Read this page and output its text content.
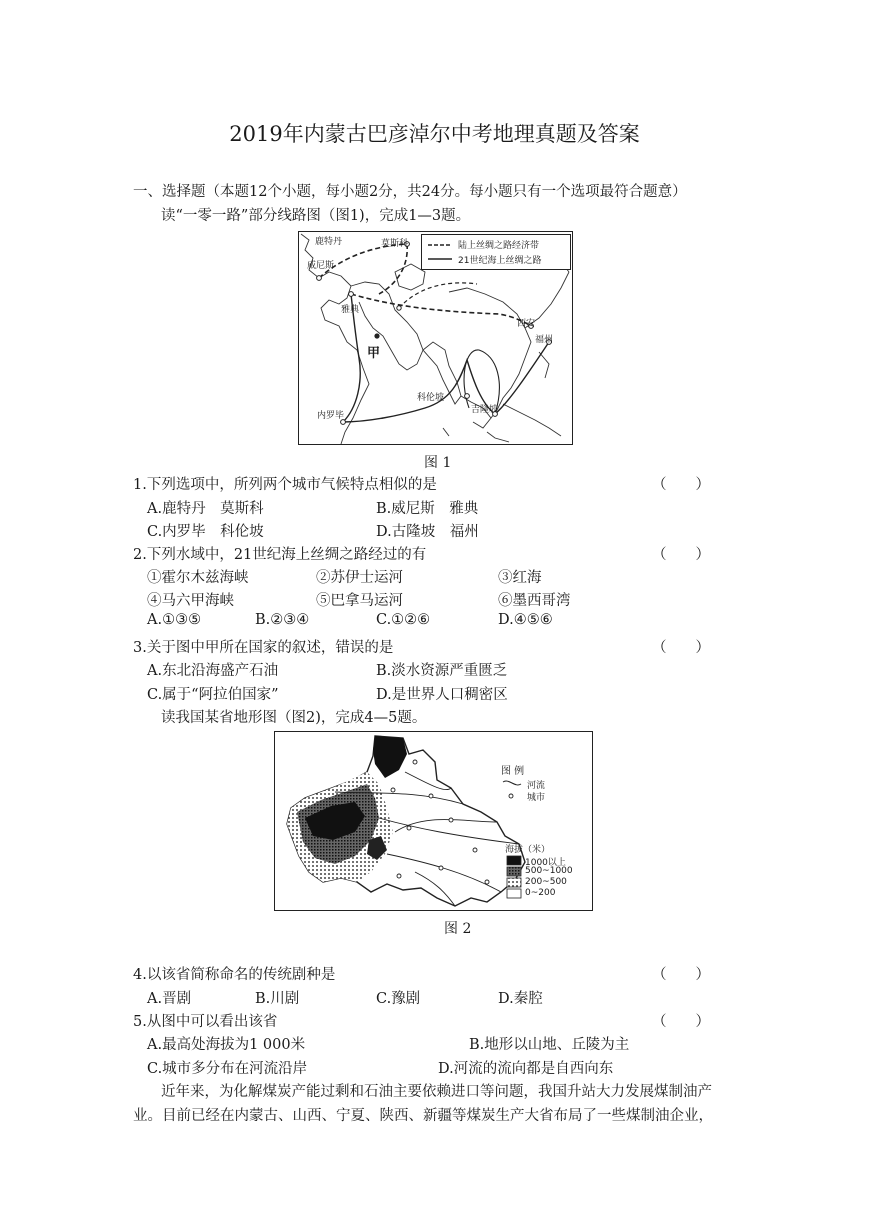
2019年内蒙古巴彦淖尔中考地理真题及答案
一、选择题（本题12个小题，每小题2分，共24分。每小题只有一个选项最符合题意）
读“一零一路”部分线路图（图1)，完成1—3题。
陆上丝绸之路经济带
21世纪海上丝绸之路
鹿特丹	莫斯科
威尼斯
雅典
甲
西安
福州
科伦坡
内罗毕
吉隆坡
图 1
1.下列选项中，所列两个城市气候特点相似的是	（　　）
A.鹿特丹　莫斯科	B.威尼斯　雅典
C.内罗毕　科伦坡	D.古隆坡　福州
2.下列水域中，21世纪海上丝绸之路经过的有	（　　）
①霍尔木兹海峡	②苏伊士运河	③红海
④马六甲海峡	⑤巴拿马运河	⑥墨西哥湾
A.①③⑤	B.②③④	C.①②⑥	D.④⑤⑥
3.关于图中甲所在国家的叙述，错误的是	（　　）
A.东北沿海盛产石油	B.淡水资源严重匮乏
C.属于“阿拉伯国家”	D.是世界人口稠密区
读我国某省地形图（图2)，完成4—5题。
图 例
河流
城市
海拔（米）
1000以上
500~1000
200~500
0~200
图 2
4.以该省简称命名的传统剧种是	（　　）
A.晋剧	B.川剧	C.豫剧	D.秦腔
5.从图中可以看出该省	（　　）
A.最高处海拔为1 000米	B.地形以山地、丘陵为主
C.城市多分布在河流沿岸	D.河流的流向都是自西向东
近年来，为化解煤炭产能过剩和石油主要依赖进口等问题，我国升站大力发展煤制油产
业。目前已经在内蒙古、山西、宁夏、陕西、新疆等煤炭生产大省布局了一些煤制油企业，
